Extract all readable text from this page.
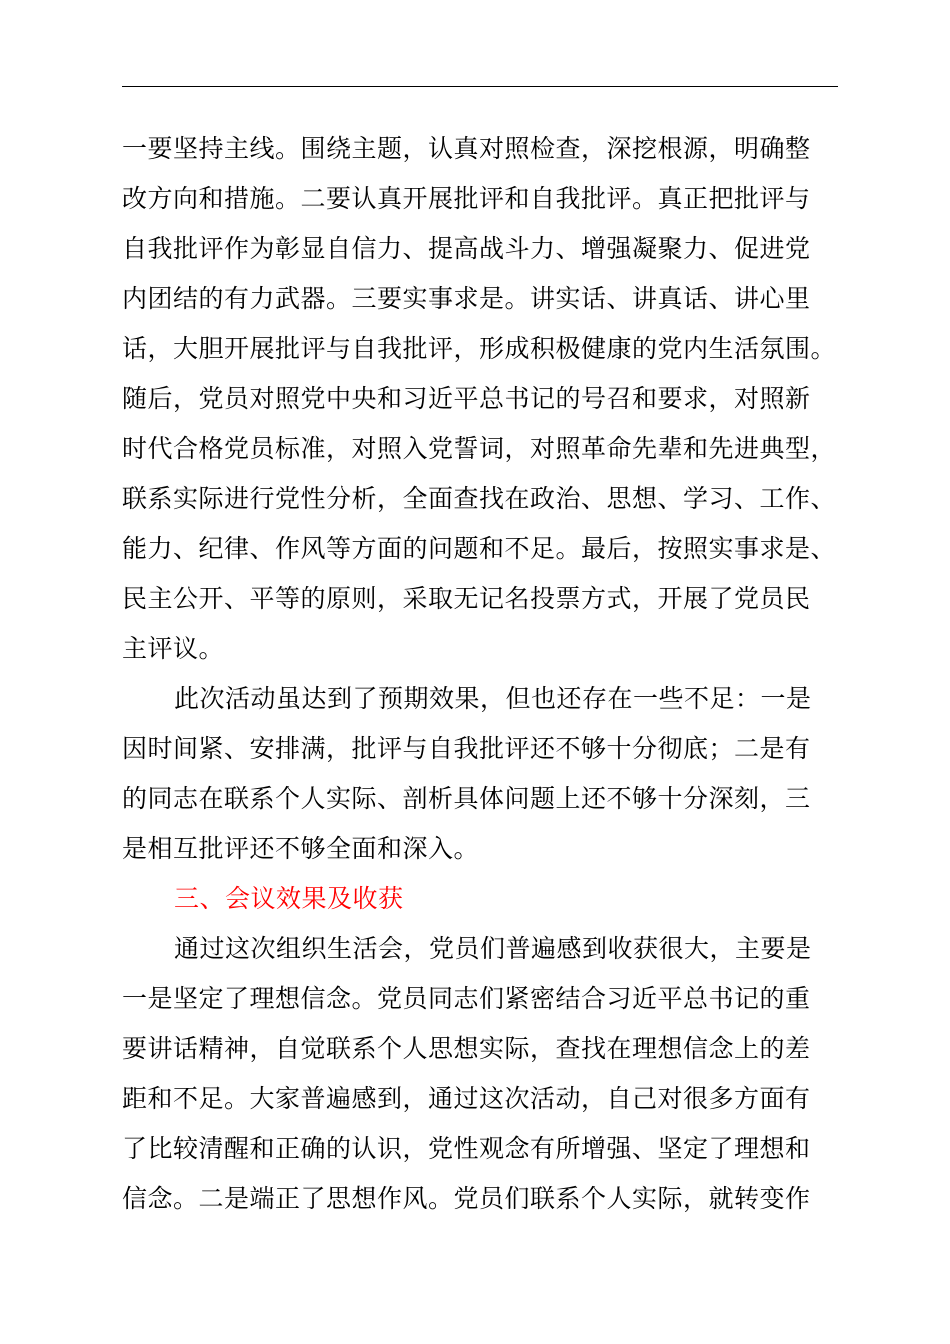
一要坚持主线。围绕主题，认真对照检查，深挖根源，明确整
改方向和措施。二要认真开展批评和自我批评。真正把批评与
自我批评作为彰显自信力、提高战斗力、增强凝聚力、促进党
内团结的有力武器。三要实事求是。讲实话、讲真话、讲心里
话，大胆开展批评与自我批评，形成积极健康的党内生活氛围。
随后，党员对照党中央和习近平总书记的号召和要求，对照新
时代合格党员标准，对照入党誓词，对照革命先辈和先进典型，
联系实际进行党性分析，全面查找在政治、思想、学习、工作、
能力、纪律、作风等方面的问题和不足。最后，按照实事求是、
民主公开、平等的原则，采取无记名投票方式，开展了党员民
主评议。
此次活动虽达到了预期效果，但也还存在一些不足：一是
因时间紧、安排满，批评与自我批评还不够十分彻底；二是有
的同志在联系个人实际、剖析具体问题上还不够十分深刻，三
是相互批评还不够全面和深入。
三、会议效果及收获
通过这次组织生活会，党员们普遍感到收获很大，主要是
一是坚定了理想信念。党员同志们紧密结合习近平总书记的重
要讲话精神，自觉联系个人思想实际，查找在理想信念上的差
距和不足。大家普遍感到，通过这次活动，自己对很多方面有
了比较清醒和正确的认识，党性观念有所增强、坚定了理想和
信念。二是端正了思想作风。党员们联系个人实际，就转变作
